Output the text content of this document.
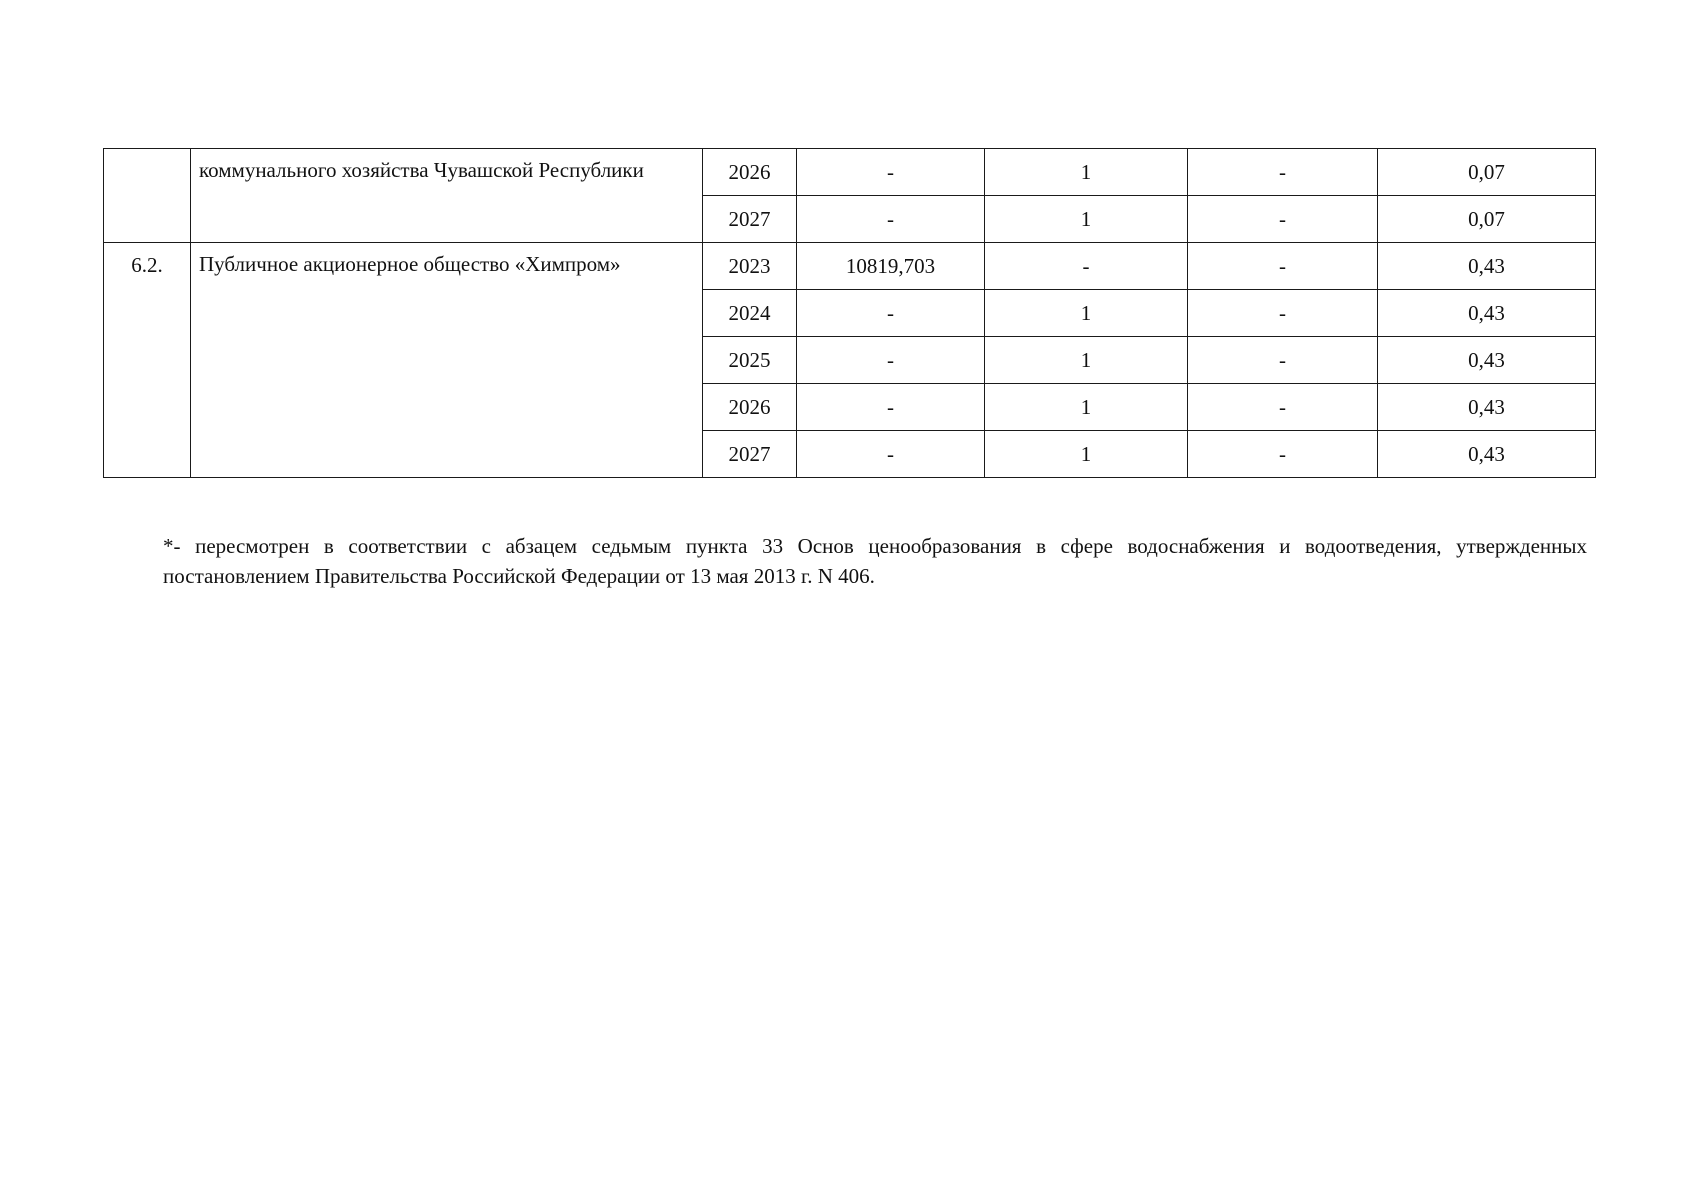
	коммунального хозяйства Чувашской Республики	2026	-	1	-	0,07
		2027	-	1	-	0,07
6.2.	Публичное акционерное общество «Химпром»	2023	10819,703	-	-	0,43
		2024	-	1	-	0,43
		2025	-	1	-	0,43
		2026	-	1	-	0,43
		2027	-	1	-	0,43

*- пересмотрен в соответствии с абзацем седьмым пункта 33 Основ ценообразования в сфере водоснабжения и водоотведения, утвержденных постановлением Правительства Российской Федерации от 13 мая 2013 г. N 406.
